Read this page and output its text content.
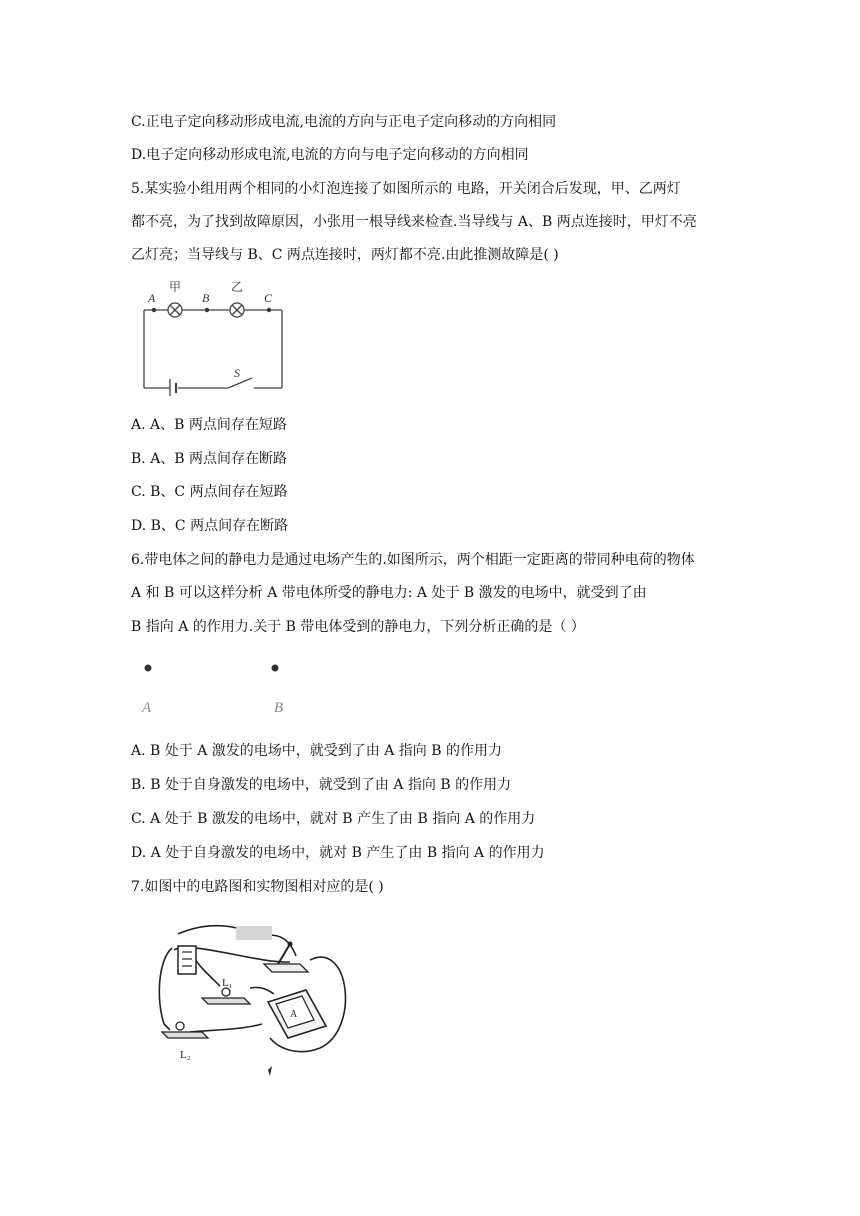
C.正电子定向移动形成电流,电流的方向与正电子定向移动的方向相同

D.电子定向移动形成电流,电流的方向与电子定向移动的方向相同

5.某实验小组用两个相同的小灯泡连接了如图所示的 电路，开关闭合后发现，甲、乙两灯

都不亮，为了找到故障原因，小张用一根导线来检查.当导线与 A、B 两点连接时，甲灯不亮

乙灯亮；当导线与 B、C 两点连接时，两灯都不亮.由此推测故障是( )

A	B	C
S
甲	乙

A. A、B 两点间存在短路

B. A、B 两点间存在断路

C. B、C 两点间存在短路

D. B、C 两点间存在断路

6.带电体之间的静电力是通过电场产生的.如图所示，两个相距一定距离的带同种电荷的物体

A 和 B 可以这样分析 A 带电体所受的静电力: A 处于 B 激发的电场中，就受到了由

B 指向 A 的作用力.关于 B 带电体受到的静电力，下列分析正确的是（ ）

A	B

A. B 处于 A 激发的电场中，就受到了由 A 指向 B 的作用力

B. B 处于自身激发的电场中，就受到了由 A 指向 B 的作用力

C. A 处于 B 激发的电场中，就对 B 产生了由 B 指向 A 的作用力

D. A 处于自身激发的电场中，就对 B 产生了由 B 指向 A 的作用力

7.如图中的电路图和实物图相对应的是( )

L₁
L₂
A
